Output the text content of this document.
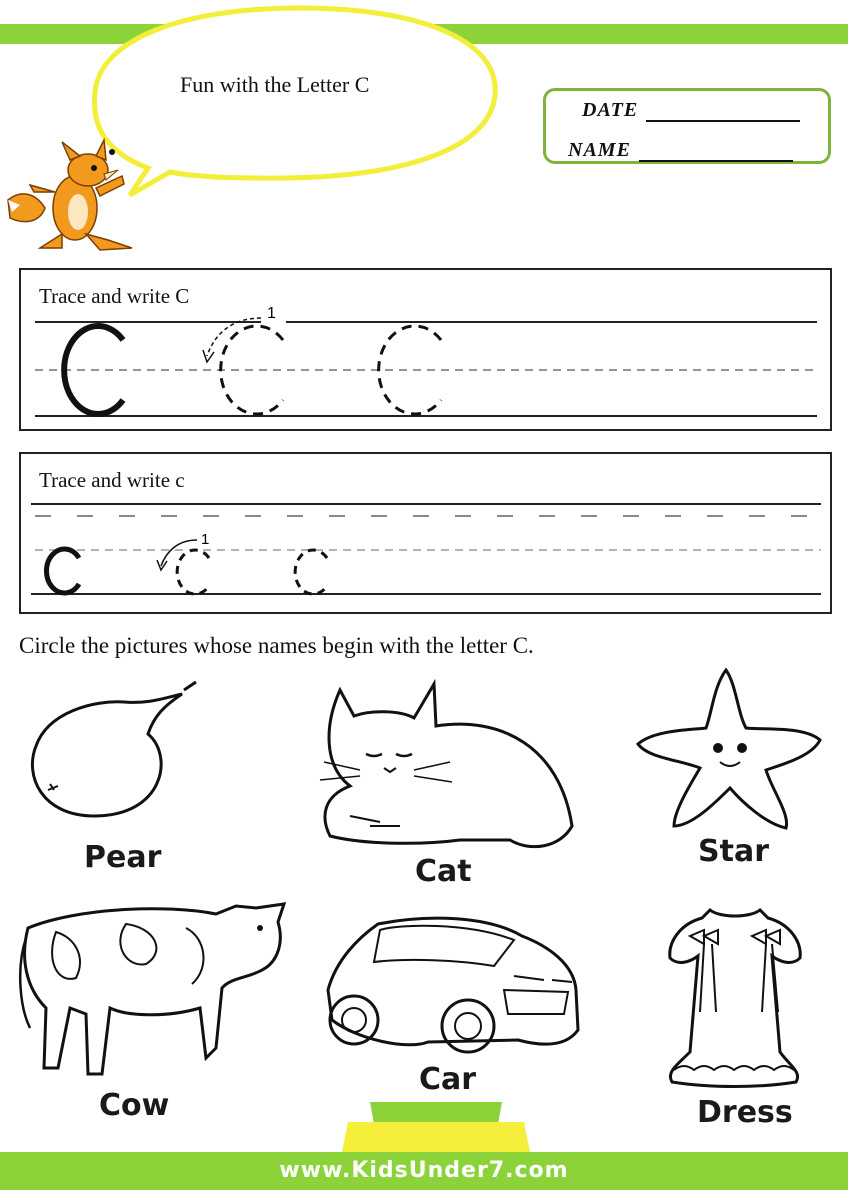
Fun with the Letter C
DATE
NAME
Trace and write C
1
Trace and write c
1
Circle the pictures whose names begin with the letter C.
Pear	Cat
Star
Cow
Car
Dress
www.KidsUnder7.com
